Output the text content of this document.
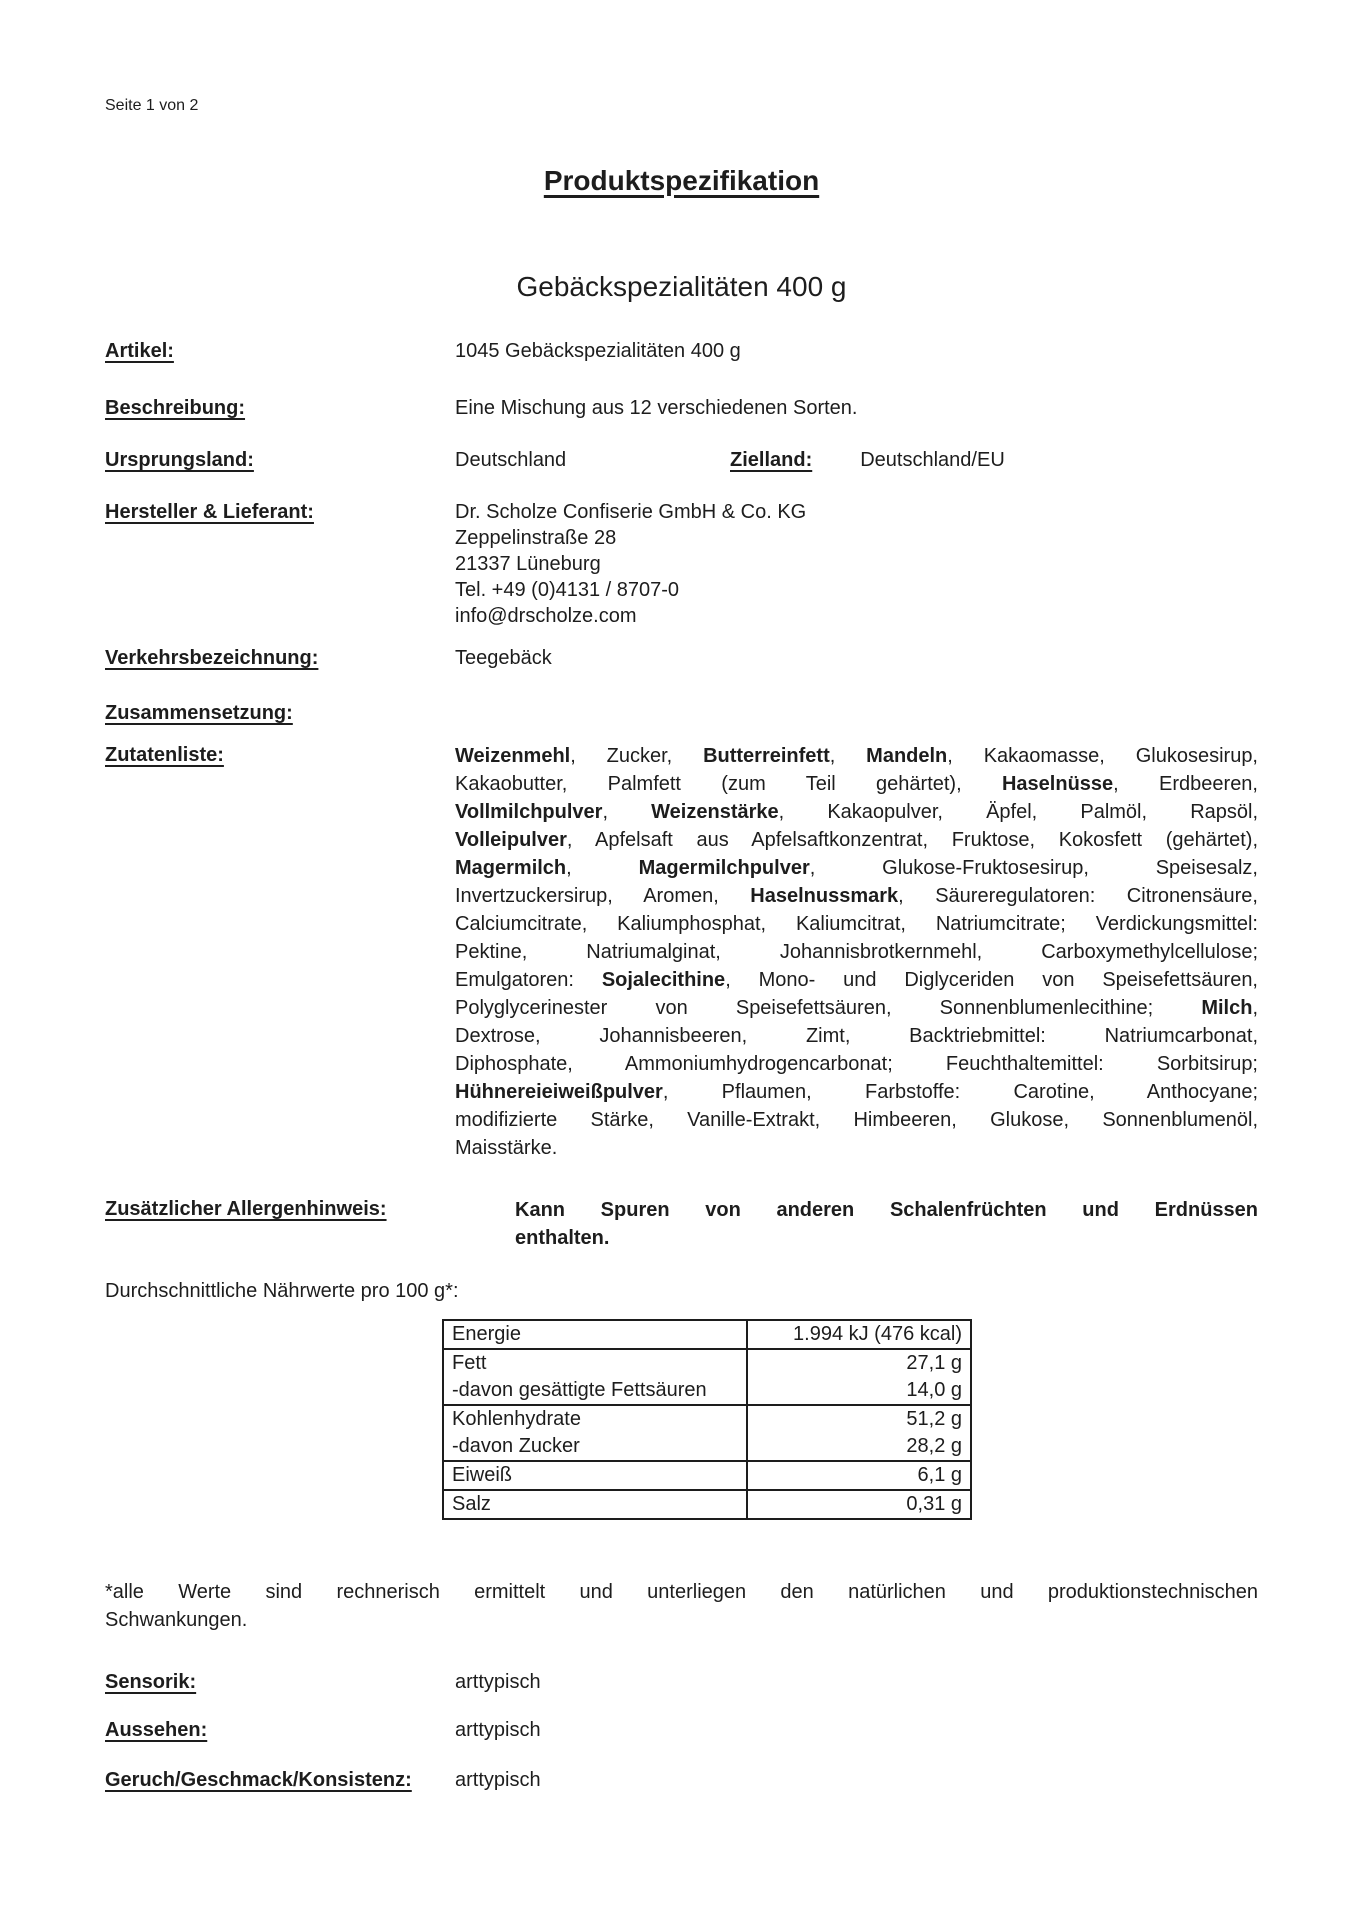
Seite 1 von 2
Produktspezifikation
Gebäckspezialitäten 400 g
Artikel:	1045 Gebäckspezialitäten 400 g
Beschreibung:	Eine Mischung aus 12 verschiedenen Sorten.
Ursprungsland:	Deutschland	Zielland: Deutschland/EU
Hersteller & Lieferant:	Dr. Scholze Confiserie GmbH & Co. KG
Zeppelinstraße 28
21337 Lüneburg
Tel. +49 (0)4131 / 8707-0
info@drscholze.com
Verkehrsbezeichnung:	Teegebäck
Zusammensetzung:
Zutatenliste:	Weizenmehl, Zucker, Butterreinfett, Mandeln, Kakaomasse, Glukosesirup,
Kakaobutter, Palmfett (zum Teil gehärtet), Haselnüsse, Erdbeeren,
Vollmilchpulver, Weizenstärke, Kakaopulver, Äpfel, Palmöl, Rapsöl,
Volleipulver, Apfelsaft aus Apfelsaftkonzentrat, Fruktose, Kokosfett (gehärtet),
Magermilch, Magermilchpulver, Glukose-Fruktosesirup, Speisesalz,
Invertzuckersirup, Aromen, Haselnussmark, Säureregulatoren: Citronensäure,
Calciumcitrate, Kaliumphosphat, Kaliumcitrat, Natriumcitrate; Verdickungsmittel:
Pektine, Natriumalginat, Johannisbrotkernmehl, Carboxymethylcellulose;
Emulgatoren: Sojalecithine, Mono- und Diglyceriden von Speisefettsäuren,
Polyglycerinester von Speisefettsäuren, Sonnenblumenlecithine; Milch,
Dextrose, Johannisbeeren, Zimt, Backtriebmittel: Natriumcarbonat,
Diphosphate, Ammoniumhydrogencarbonat; Feuchthaltemittel: Sorbitsirup;
Hühnereieiweißpulver, Pflaumen, Farbstoffe: Carotine, Anthocyane;
modifizierte Stärke, Vanille-Extrakt, Himbeeren, Glukose, Sonnenblumenöl,
Maisstärke.
Zusätzlicher Allergenhinweis:	Kann Spuren von anderen Schalenfrüchten und Erdnüssen
enthalten.
Durchschnittliche Nährwerte pro 100 g*:
Energie	1.994 kJ (476 kcal)
Fett	27,1 g
-davon gesättigte Fettsäuren	14,0 g
Kohlenhydrate	51,2 g
-davon Zucker	28,2 g
Eiweiß	6,1 g
Salz	0,31 g
*alle Werte sind rechnerisch ermittelt und unterliegen den natürlichen und produktionstechnischen
Schwankungen.
Sensorik:	arttypisch
Aussehen:	arttypisch
Geruch/Geschmack/Konsistenz:	arttypisch
